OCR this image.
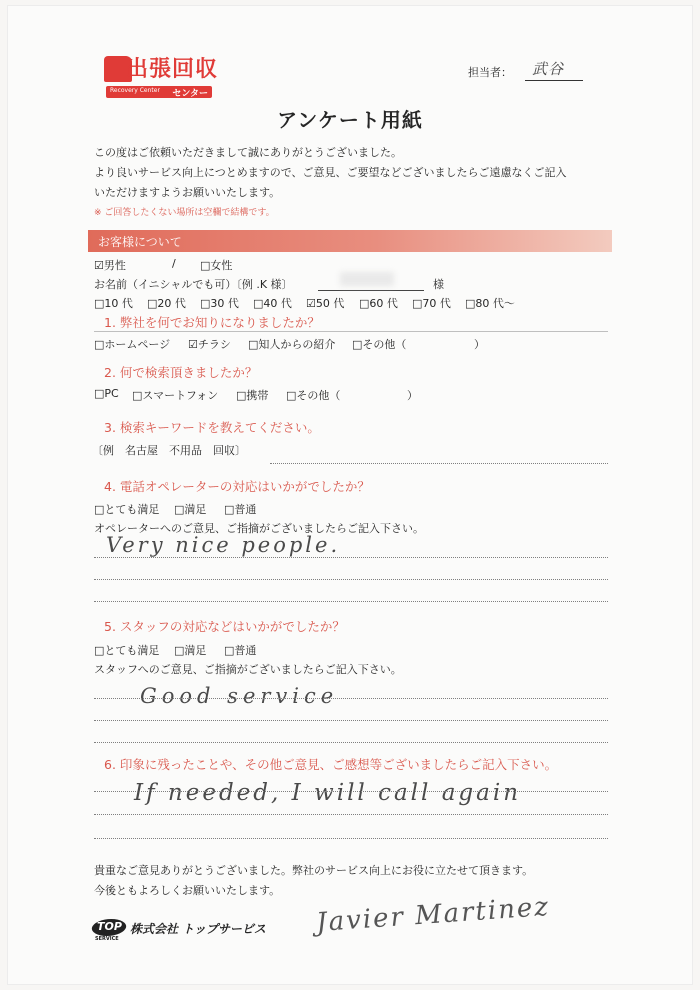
出張回収
Recovery Center センター
担当者： 武谷
アンケート用紙
この度はご依頼いただきまして誠にありがとうございました。
より良いサービス向上につとめますので、ご意見、ご要望などございましたらご遠慮なくご記入
いただけますようお願いいたします。
※ ご回答したくない場所は空欄で結構です。
お客様について
☑男性	/ □女性
お名前（イニシャルでも可）〔例 .K 様〕	様
□10 代	□20 代	□30 代	□40 代	☑50 代	□60 代	□70 代	□80 代～
1. 弊社を何でお知りになりましたか？
□ホームページ ☑チラシ □知人からの紹介 □その他（	）
2. 何で検索頂きましたか？
□PC □スマートフォン □携帯 □その他（	）
3. 検索キーワードを教えてください。
〔例　名古屋　不用品　回収〕
4. 電話オペレーターの対応はいかがでしたか？
□とても満足 □満足 □普通
オペレーターへのご意見、ご指摘がございましたらご記入下さい。
Very nice people.
5. スタッフの対応などはいかがでしたか？
□とても満足 □満足 □普通
スタッフへのご意見、ご指摘がございましたらご記入下さい。
Good service
6. 印象に残ったことや、その他ご意見、ご感想等ございましたらご記入下さい。
If needed, I will call again
貴重なご意見ありがとうございました。弊社のサービス向上にお役に立たせて頂きます。
今後ともよろしくお願いいたします。
Javier Martinez
TOP
SERVICE
株式会社 トップサービス
